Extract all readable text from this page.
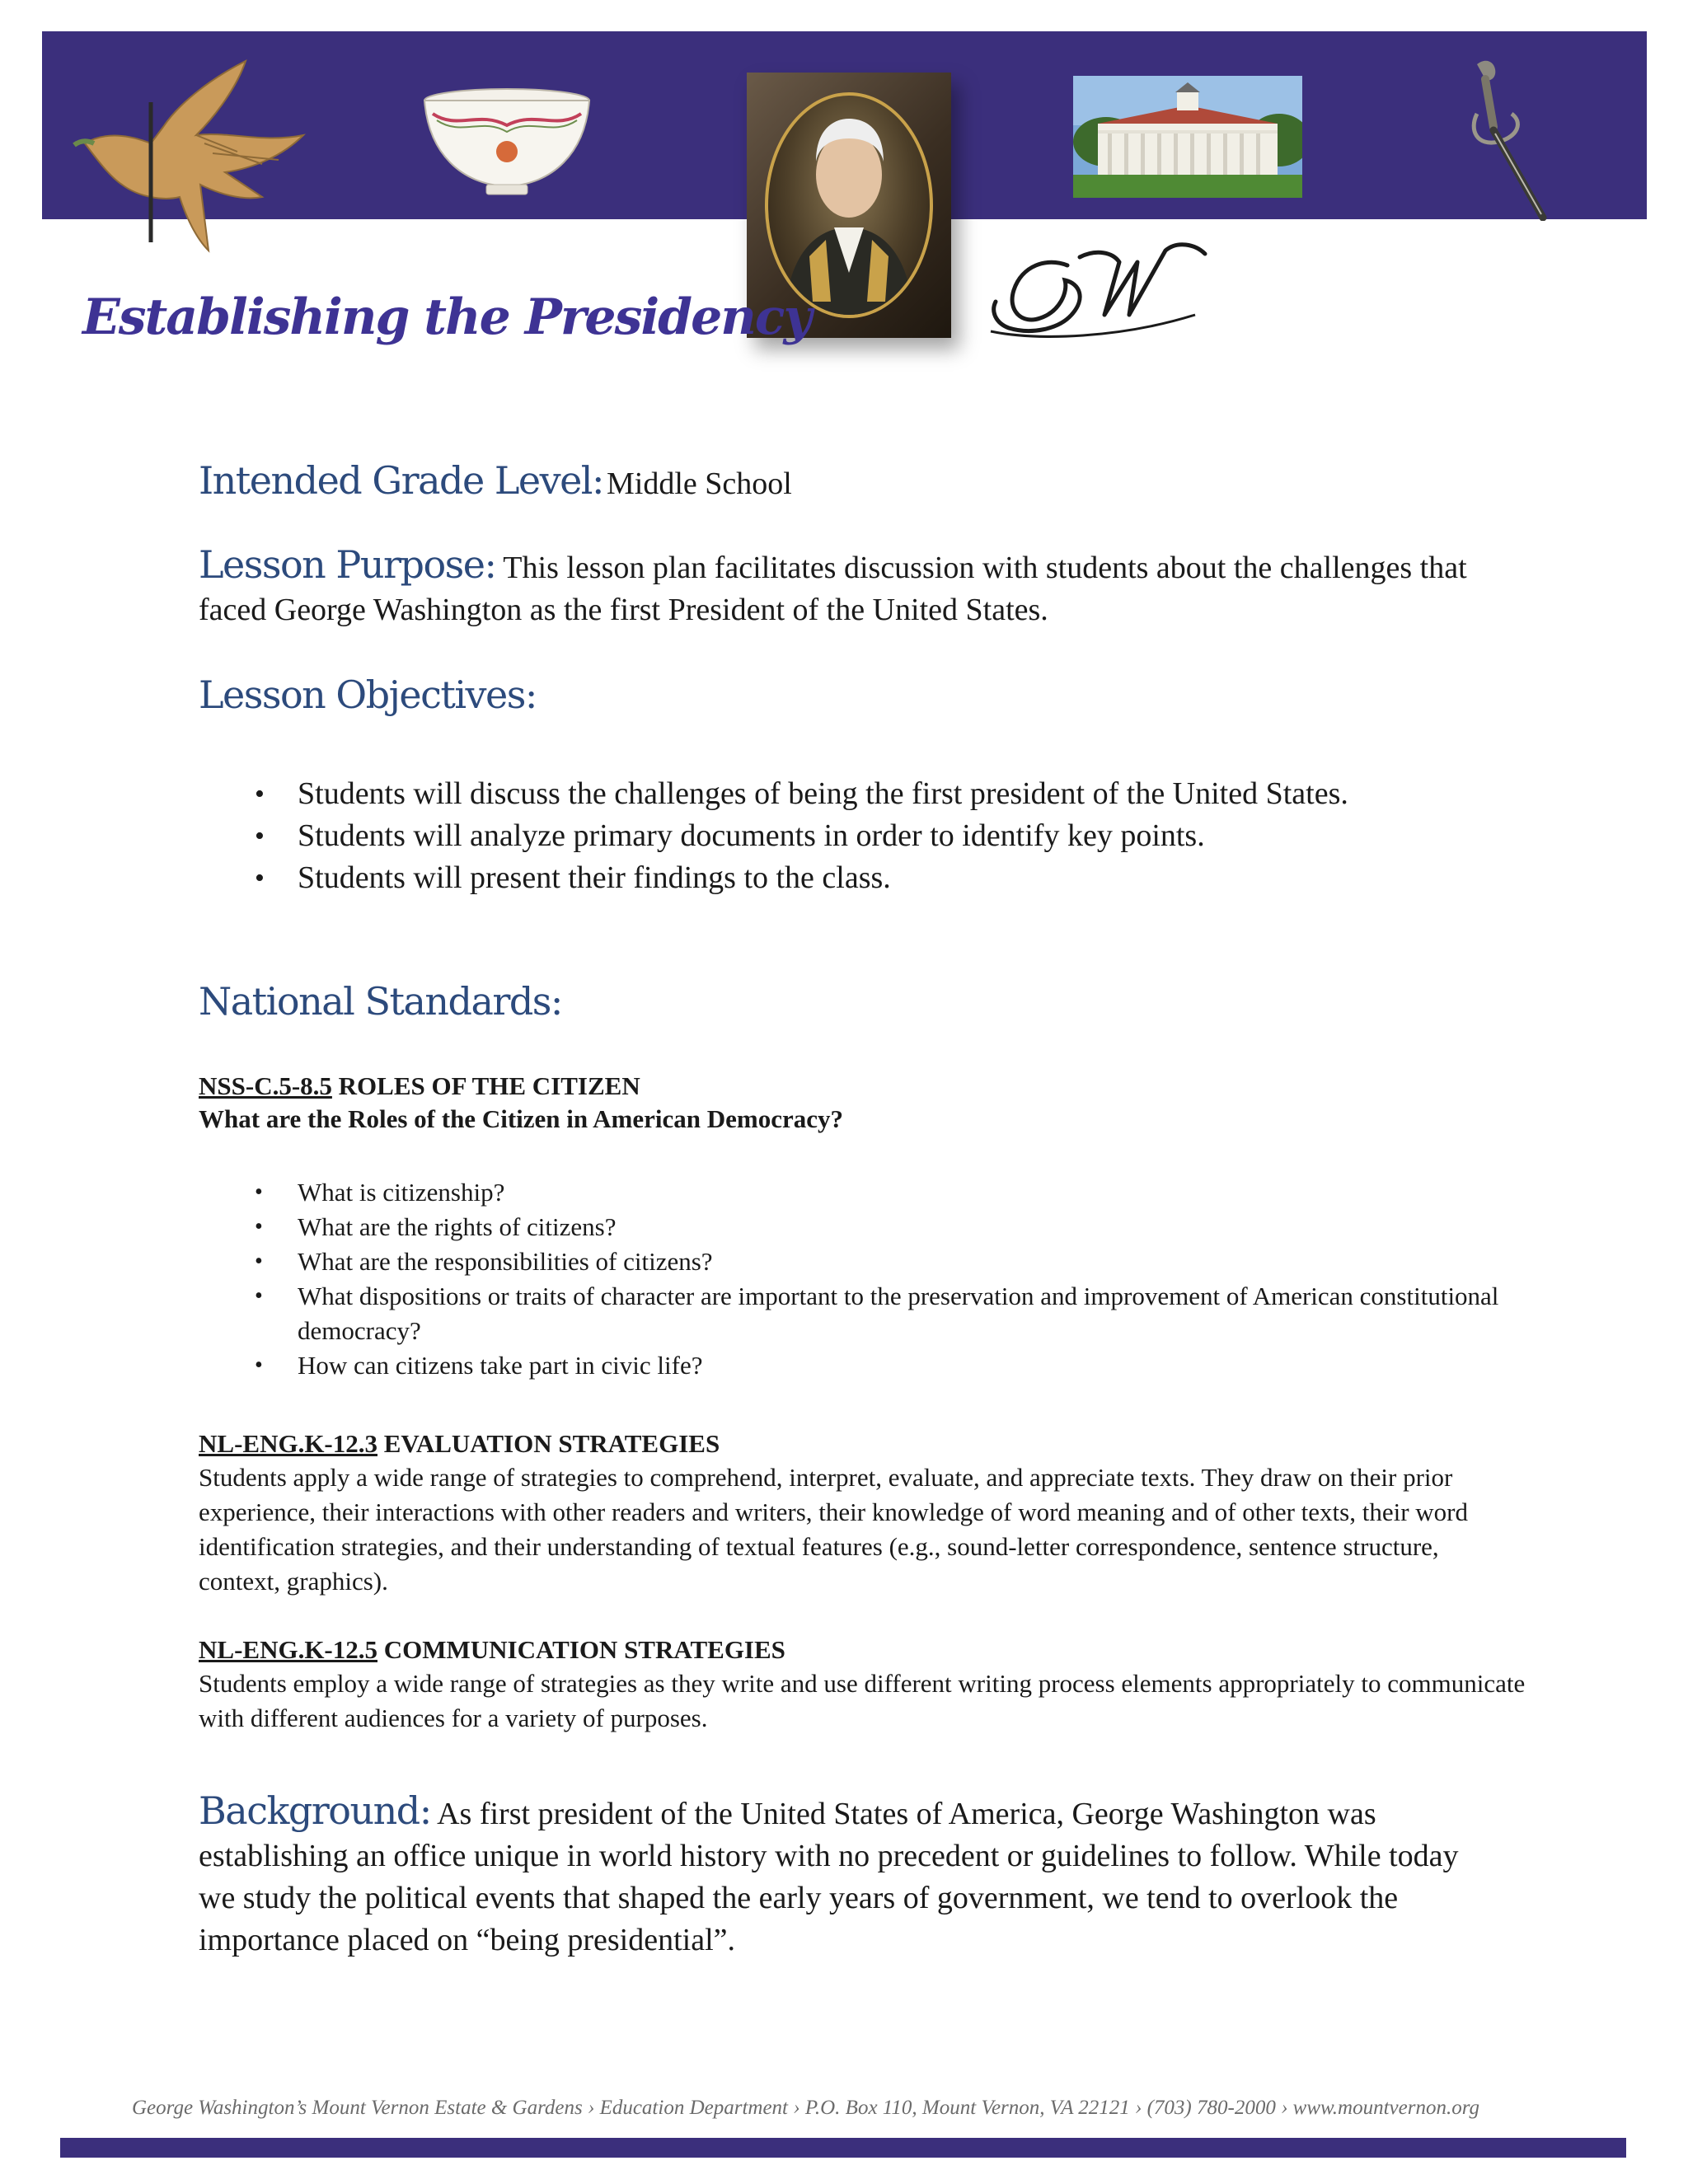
Establishing the Presidency
Intended Grade Level: Middle School
Lesson Purpose: This lesson plan facilitates discussion with students about the challenges that faced George Washington as the first President of the United States.
Lesson Objectives:
• Students will discuss the challenges of being the first president of the United States.
• Students will analyze primary documents in order to identify key points.
• Students will present their findings to the class.
National Standards:
NSS-C.5-8.5 ROLES OF THE CITIZEN
What are the Roles of the Citizen in American Democracy?
• What is citizenship?
• What are the rights of citizens?
• What are the responsibilities of citizens?
• What dispositions or traits of character are important to the preservation and improvement of American constitutional democracy?
• How can citizens take part in civic life?
NL-ENG.K-12.3 EVALUATION STRATEGIES
Students apply a wide range of strategies to comprehend, interpret, evaluate, and appreciate texts. They draw on their prior experience, their interactions with other readers and writers, their knowledge of word meaning and of other texts, their word identification strategies, and their understanding of textual features (e.g., sound-letter correspondence, sentence structure, context, graphics).
NL-ENG.K-12.5 COMMUNICATION STRATEGIES
Students employ a wide range of strategies as they write and use different writing process elements appropriately to communicate with different audiences for a variety of purposes.
Background: As first president of the United States of America, George Washington was establishing an office unique in world history with no precedent or guidelines to follow. While today we study the political events that shaped the early years of government, we tend to overlook the importance placed on “being presidential”.
George Washington’s Mount Vernon Estate & Gardens › Education Department › P.O. Box 110, Mount Vernon, VA 22121 › (703) 780-2000 › www.mountvernon.org
